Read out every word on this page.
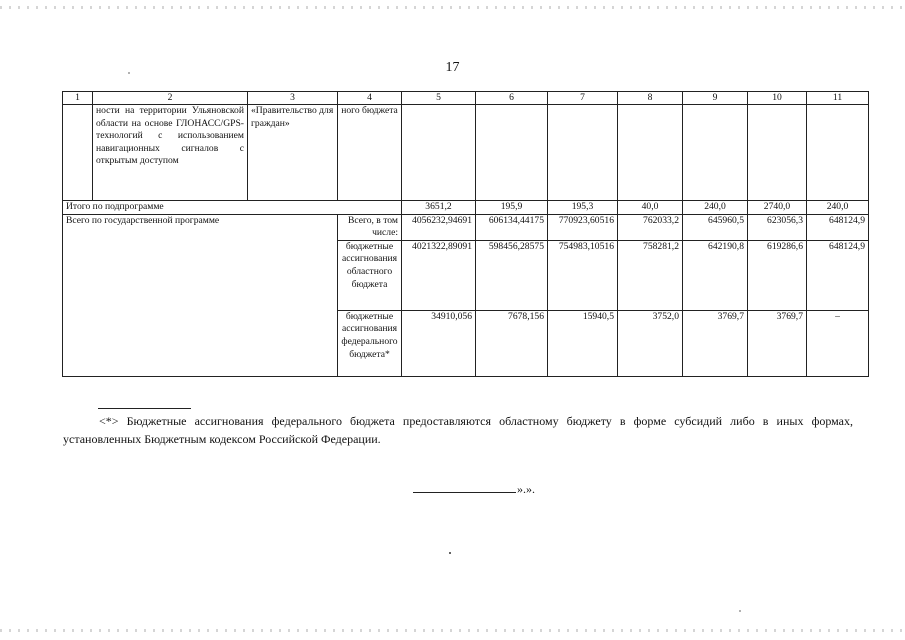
17
1	2	3	4	5	6	7	8	9	10	11
	ности на территории Ульяновской области на основе ГЛОНАСС/GPS-технологий с использованием навигационных сигналов с открытым доступом	«Правительство для граждан»	ного бюджета							
Итого по подпрограмме				3651,2	195,9	195,3	40,0	240,0	2740,0	240,0
Всего по государственной программе			Всего, в том числе:	4056232,94691	606134,44175	770923,60516	762033,2	645960,5	623056,3	648124,9
			бюджетные ассигнования областного бюджета	4021322,89091	598456,28575	754983,10516	758281,2	642190,8	619286,6	648124,9
			бюджетные ассигнования федерального бюджета*	34910,056	7678,156	15940,5	3752,0	3769,7	3769,7	–
<*> Бюджетные ассигнования федерального бюджета предоставляются областному бюджету в форме субсидий либо в иных формах, установленных Бюджетным кодексом Российской Федерации.
».».
